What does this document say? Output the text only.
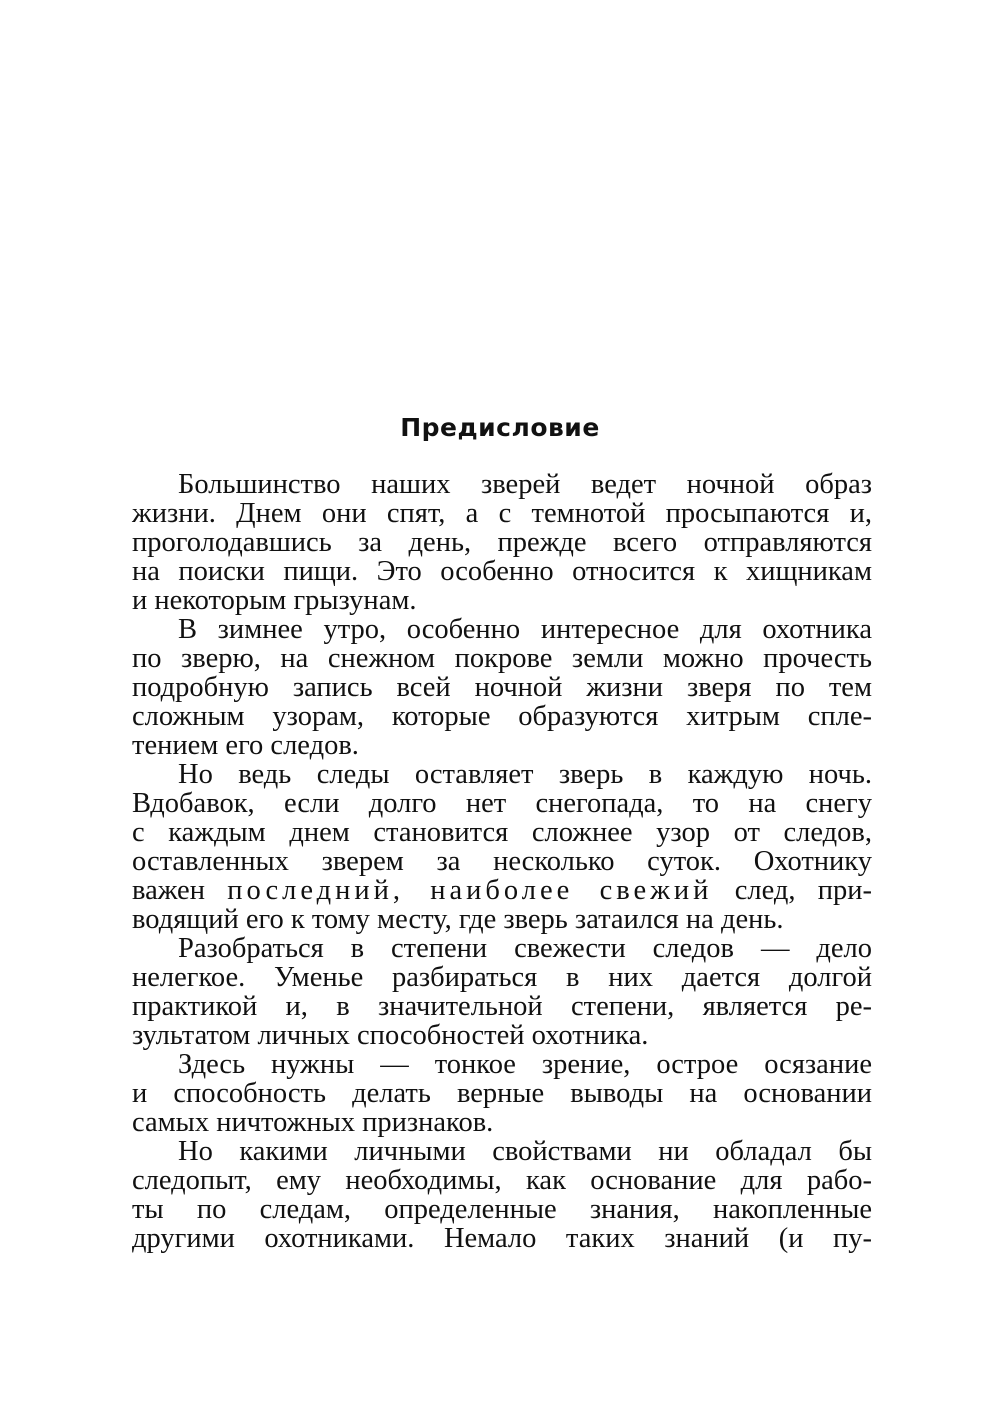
Предисловие
Большинство наших зверей ведет ночной образ
жизни. Днем они спят, а с темнотой просыпаются и,
проголодавшись за день, прежде всего отправляются
на поиски пищи. Это особенно относится к хищникам
и некоторым грызунам.
В зимнее утро, особенно интересное для охотника
по зверю, на снежном покрове земли можно прочесть
подробную запись всей ночной жизни зверя по тем
сложным узорам, которые образуются хитрым спле-
тением его следов.
Но ведь следы оставляет зверь в каждую ночь.
Вдобавок, если долго нет снегопада, то на снегу
с каждым днем становится сложнее узор от следов,
оставленных зверем за несколько суток. Охотнику
важен последний, наиболее свежий след, при-
водящий его к тому месту, где зверь затаился на день.
Разобраться в степени свежести следов — дело
нелегкое. Уменье разбираться в них дается долгой
практикой и, в значительной степени, является ре-
зультатом личных способностей охотника.
Здесь нужны — тонкое зрение, острое осязание
и способность делать верные выводы на основании
самых ничтожных признаков.
Но какими личными свойствами ни обладал бы
следопыт, ему необходимы, как основание для рабо-
ты по следам, определенные знания, накопленные
другими охотниками. Немало таких знаний (и пу-
